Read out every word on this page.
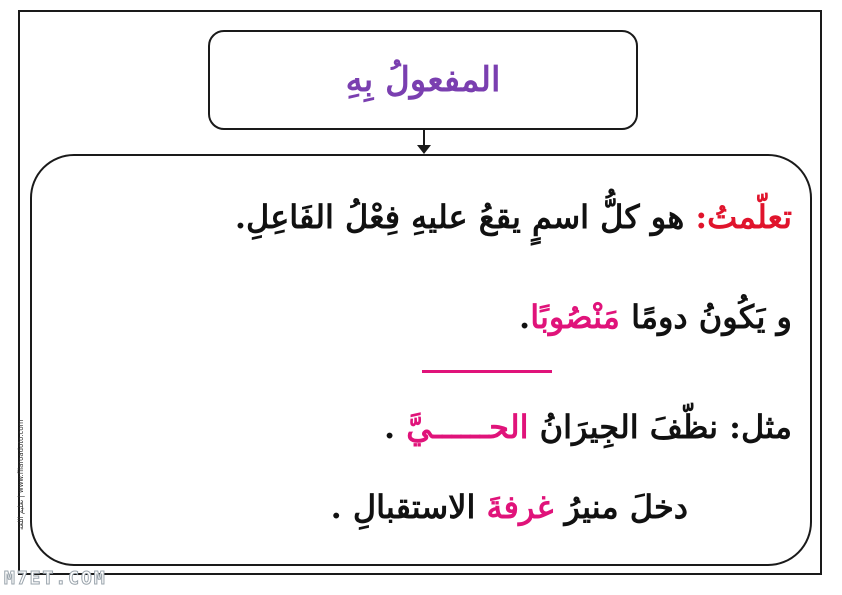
المفعولُ بِهِ
تعلّمتُ: هو كلُّ اسمٍ يقعُ عليهِ فِعْلُ الفَاعِلِ.
و يَكُونُ دومًا مَنْصُوبًا.
مثل: نظّفَ الجِيرَانُ الحــــــيَّ .
دخلَ منيرُ غرفةَ الاستقبالِ .
تعليم اللغة | www.filaroadoto.com
M7ET.COM
